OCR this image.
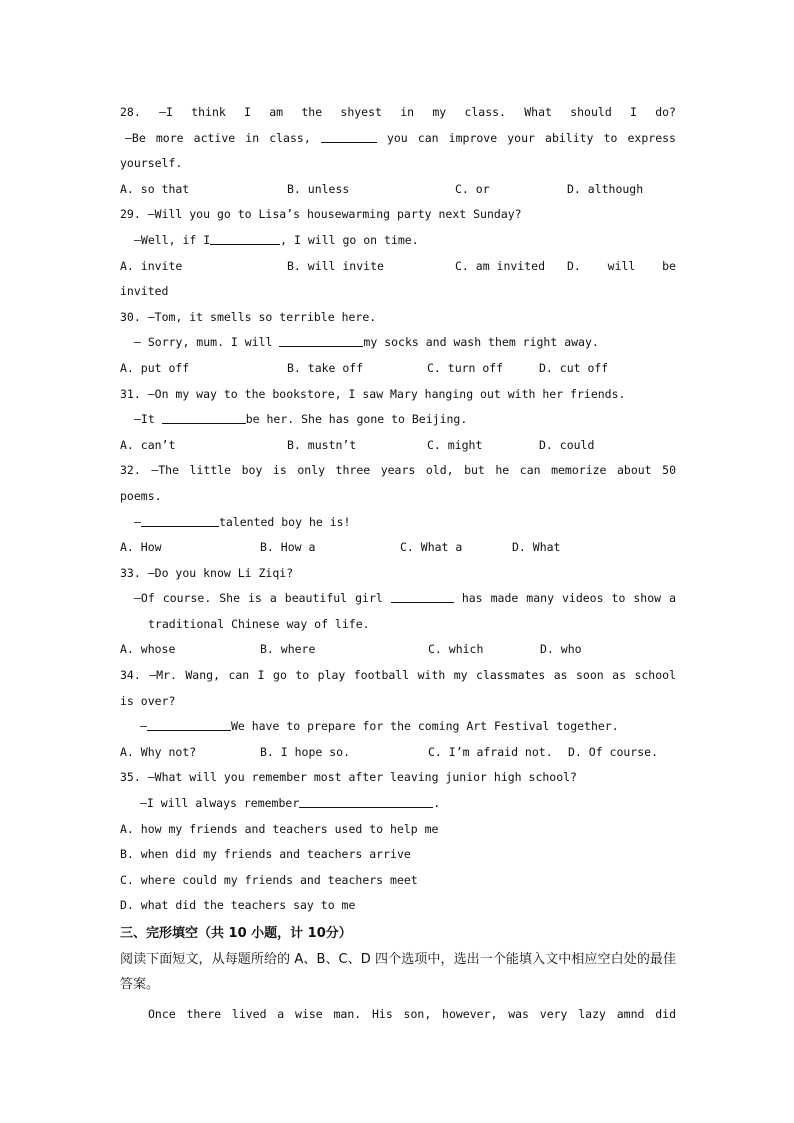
28. —I think I am the shyest in my class. What should I do?
—Be more active in class,	you can improve your ability to express
yourself.
A. so that	B. unless	C. or	D. although
29. —Will you go to Lisa’s housewarming party next Sunday?
—Well, if I	, I will go on time.
A. invite	B. will invite	C. am invited	D. will be
invited
30. —Tom, it smells so terrible here.
— Sorry, mum. I will	my socks and wash them right away.
A. put off	B. take off	C. turn off	D. cut off
31. —On my way to the bookstore, I saw Mary hanging out with her friends.
—It	be her. She has gone to Beijing.
A. can’t	B. mustn’t	C. might	D. could
32. —The little boy is only three years old, but he can memorize about 50
poems.
—	talented boy he is!
A. How	B. How a	C. What a	D. What
33. —Do you know Li Ziqi?
—Of course. She is a beautiful girl	has made many videos to show a
traditional Chinese way of life.
A. whose	B. where	C. which	D. who
34. —Mr. Wang, can I go to play football with my classmates as soon as school
is over?
—	We have to prepare for the coming Art Festival together.
A. Why not?	B. I hope so.	C. I’m afraid not.	D. Of course.
35. —What will you remember most after leaving junior high school?
—I will always remember	.
A. how my friends and teachers used to help me
B. when did my friends and teachers arrive
C. where could my friends and teachers meet
D. what did the teachers say to me
三、完形填空（共 10 小题，计 10分）
阅读下面短文，从每题所给的 A、B、C、D 四个选项中，选出一个能填入文中相应空白处的最佳答案。
Once there lived a wise man. His son, however, was very lazy amnd did
